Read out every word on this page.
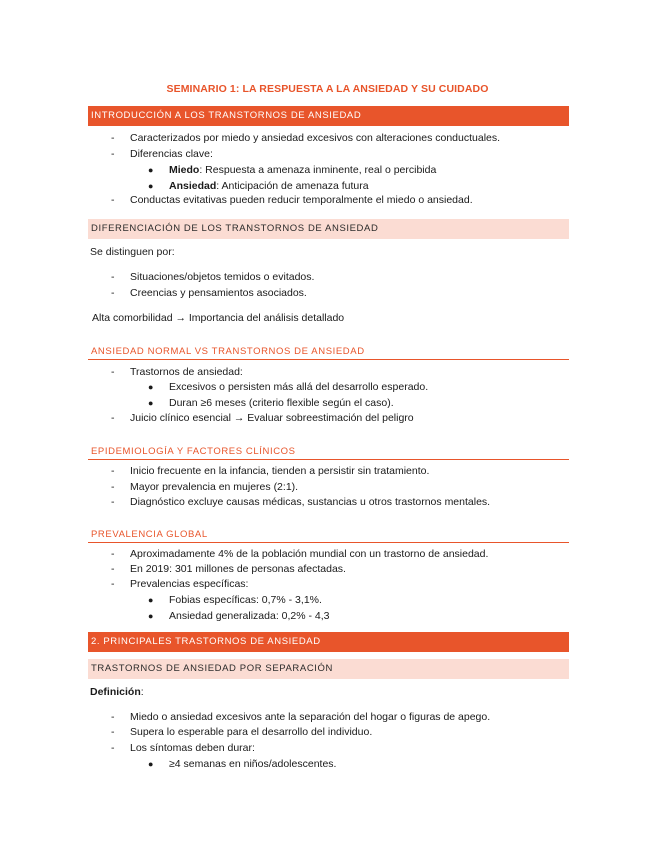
SEMINARIO 1: LA RESPUESTA A LA ANSIEDAD Y SU CUIDADO
INTRODUCCIÓN A LOS TRANSTORNOS DE ANSIEDAD
- Caracterizados por miedo y ansiedad excesivos con alteraciones conductuales.
- Diferencias clave:
● Miedo: Respuesta a amenaza inminente, real o percibida
● Ansiedad: Anticipación de amenaza futura
- Conductas evitativas pueden reducir temporalmente el miedo o ansiedad.
DIFERENCIACIÓN DE LOS TRANSTORNOS DE ANSIEDAD
Se distinguen por:
- Situaciones/objetos temidos o evitados.
- Creencias y pensamientos asociados.
Alta comorbilidad → Importancia del análisis detallado
ANSIEDAD NORMAL VS TRANSTORNOS DE ANSIEDAD
- Trastornos de ansiedad:
● Excesivos o persisten más allá del desarrollo esperado.
● Duran ≥6 meses (criterio flexible según el caso).
- Juicio clínico esencial → Evaluar sobreestimación del peligro
EPIDEMIOLOGÍA Y FACTORES CLÍNICOS
- Inicio frecuente en la infancia, tienden a persistir sin tratamiento.
- Mayor prevalencia en mujeres (2:1).
- Diagnóstico excluye causas médicas, sustancias u otros trastornos mentales.
PREVALENCIA GLOBAL
- Aproximadamente 4% de la población mundial con un trastorno de ansiedad.
- En 2019: 301 millones de personas afectadas.
- Prevalencias específicas:
● Fobias específicas: 0,7% - 3,1%.
● Ansiedad generalizada: 0,2% - 4,3
2. PRINCIPALES TRASTORNOS DE ANSIEDAD
TRASTORNOS DE ANSIEDAD POR SEPARACIÓN
Definición:
- Miedo o ansiedad excesivos ante la separación del hogar o figuras de apego.
- Supera lo esperable para el desarrollo del individuo.
- Los síntomas deben durar:
● ≥4 semanas en niños/adolescentes.
